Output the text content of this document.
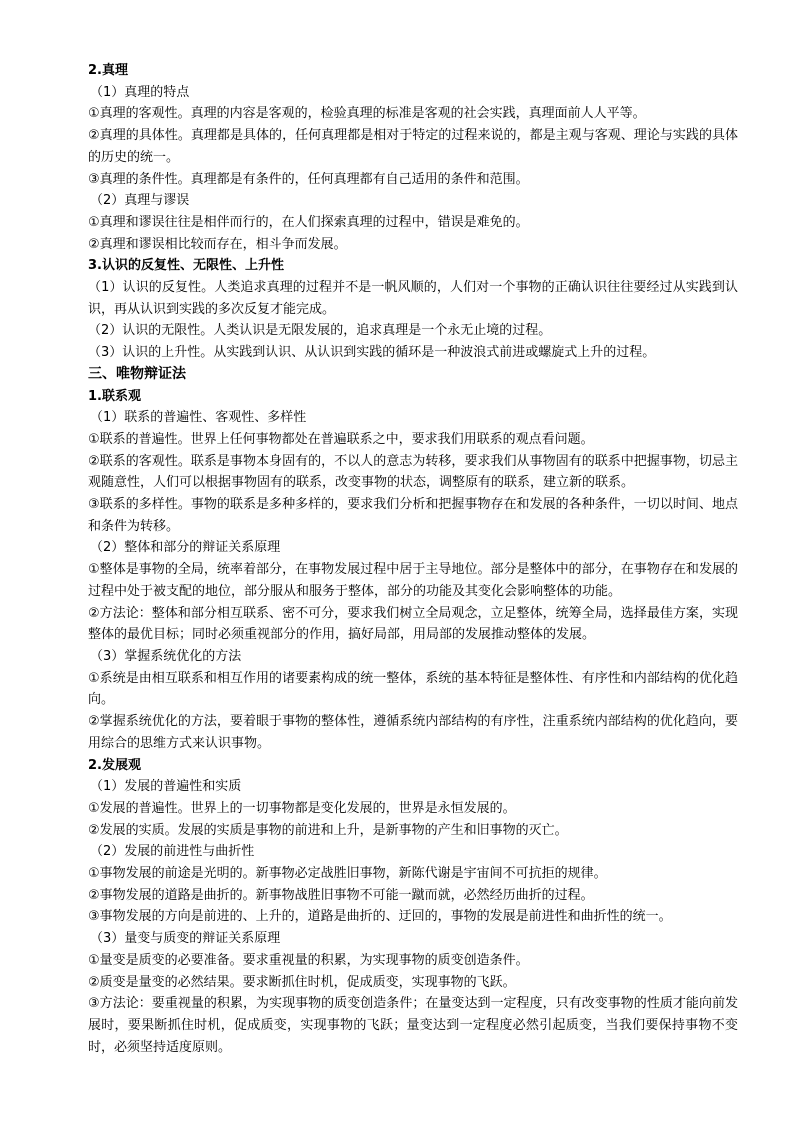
2.真理

（1）真理的特点

①真理的客观性。真理的内容是客观的，检验真理的标准是客观的社会实践，真理面前人人平等。

②真理的具体性。真理都是具体的，任何真理都是相对于特定的过程来说的，都是主观与客观、理论与实践的具体的历史的统一。

③真理的条件性。真理都是有条件的，任何真理都有自己适用的条件和范围。

（2）真理与谬误

①真理和谬误往往是相伴而行的，在人们探索真理的过程中，错误是难免的。

②真理和谬误相比较而存在，相斗争而发展。

3.认识的反复性、无限性、上升性

（1）认识的反复性。人类追求真理的过程并不是一帆风顺的，人们对一个事物的正确认识往往要经过从实践到认识，再从认识到实践的多次反复才能完成。

（2）认识的无限性。人类认识是无限发展的，追求真理是一个永无止境的过程。

（3）认识的上升性。从实践到认识、从认识到实践的循环是一种波浪式前进或螺旋式上升的过程。

三、唯物辩证法

1.联系观

（1）联系的普遍性、客观性、多样性

①联系的普遍性。世界上任何事物都处在普遍联系之中，要求我们用联系的观点看问题。

②联系的客观性。联系是事物本身固有的，不以人的意志为转移，要求我们从事物固有的联系中把握事物，切忌主观随意性，人们可以根据事物固有的联系，改变事物的状态，调整原有的联系，建立新的联系。

③联系的多样性。事物的联系是多种多样的，要求我们分析和把握事物存在和发展的各种条件，一切以时间、地点和条件为转移。

（2）整体和部分的辩证关系原理

①整体是事物的全局，统率着部分，在事物发展过程中居于主导地位。部分是整体中的部分，在事物存在和发展的过程中处于被支配的地位，部分服从和服务于整体，部分的功能及其变化会影响整体的功能。

②方法论：整体和部分相互联系、密不可分，要求我们树立全局观念，立足整体，统筹全局，选择最佳方案，实现整体的最优目标；同时必须重视部分的作用，搞好局部，用局部的发展推动整体的发展。

（3）掌握系统优化的方法

①系统是由相互联系和相互作用的诸要素构成的统一整体，系统的基本特征是整体性、有序性和内部结构的优化趋向。

②掌握系统优化的方法，要着眼于事物的整体性，遵循系统内部结构的有序性，注重系统内部结构的优化趋向，要用综合的思维方式来认识事物。

2.发展观

（1）发展的普遍性和实质

①发展的普遍性。世界上的一切事物都是变化发展的，世界是永恒发展的。

②发展的实质。发展的实质是事物的前进和上升，是新事物的产生和旧事物的灭亡。

（2）发展的前进性与曲折性

①事物发展的前途是光明的。新事物必定战胜旧事物，新陈代谢是宇宙间不可抗拒的规律。

②事物发展的道路是曲折的。新事物战胜旧事物不可能一蹴而就，必然经历曲折的过程。

③事物发展的方向是前进的、上升的，道路是曲折的、迂回的，事物的发展是前进性和曲折性的统一。

（3）量变与质变的辩证关系原理

①量变是质变的必要准备。要求重视量的积累，为实现事物的质变创造条件。

②质变是量变的必然结果。要求断抓住时机，促成质变，实现事物的飞跃。

③方法论：要重视量的积累，为实现事物的质变创造条件；在量变达到一定程度，只有改变事物的性质才能向前发展时，要果断抓住时机，促成质变，实现事物的飞跃；量变达到一定程度必然引起质变，当我们要保持事物不变时，必须坚持适度原则。
